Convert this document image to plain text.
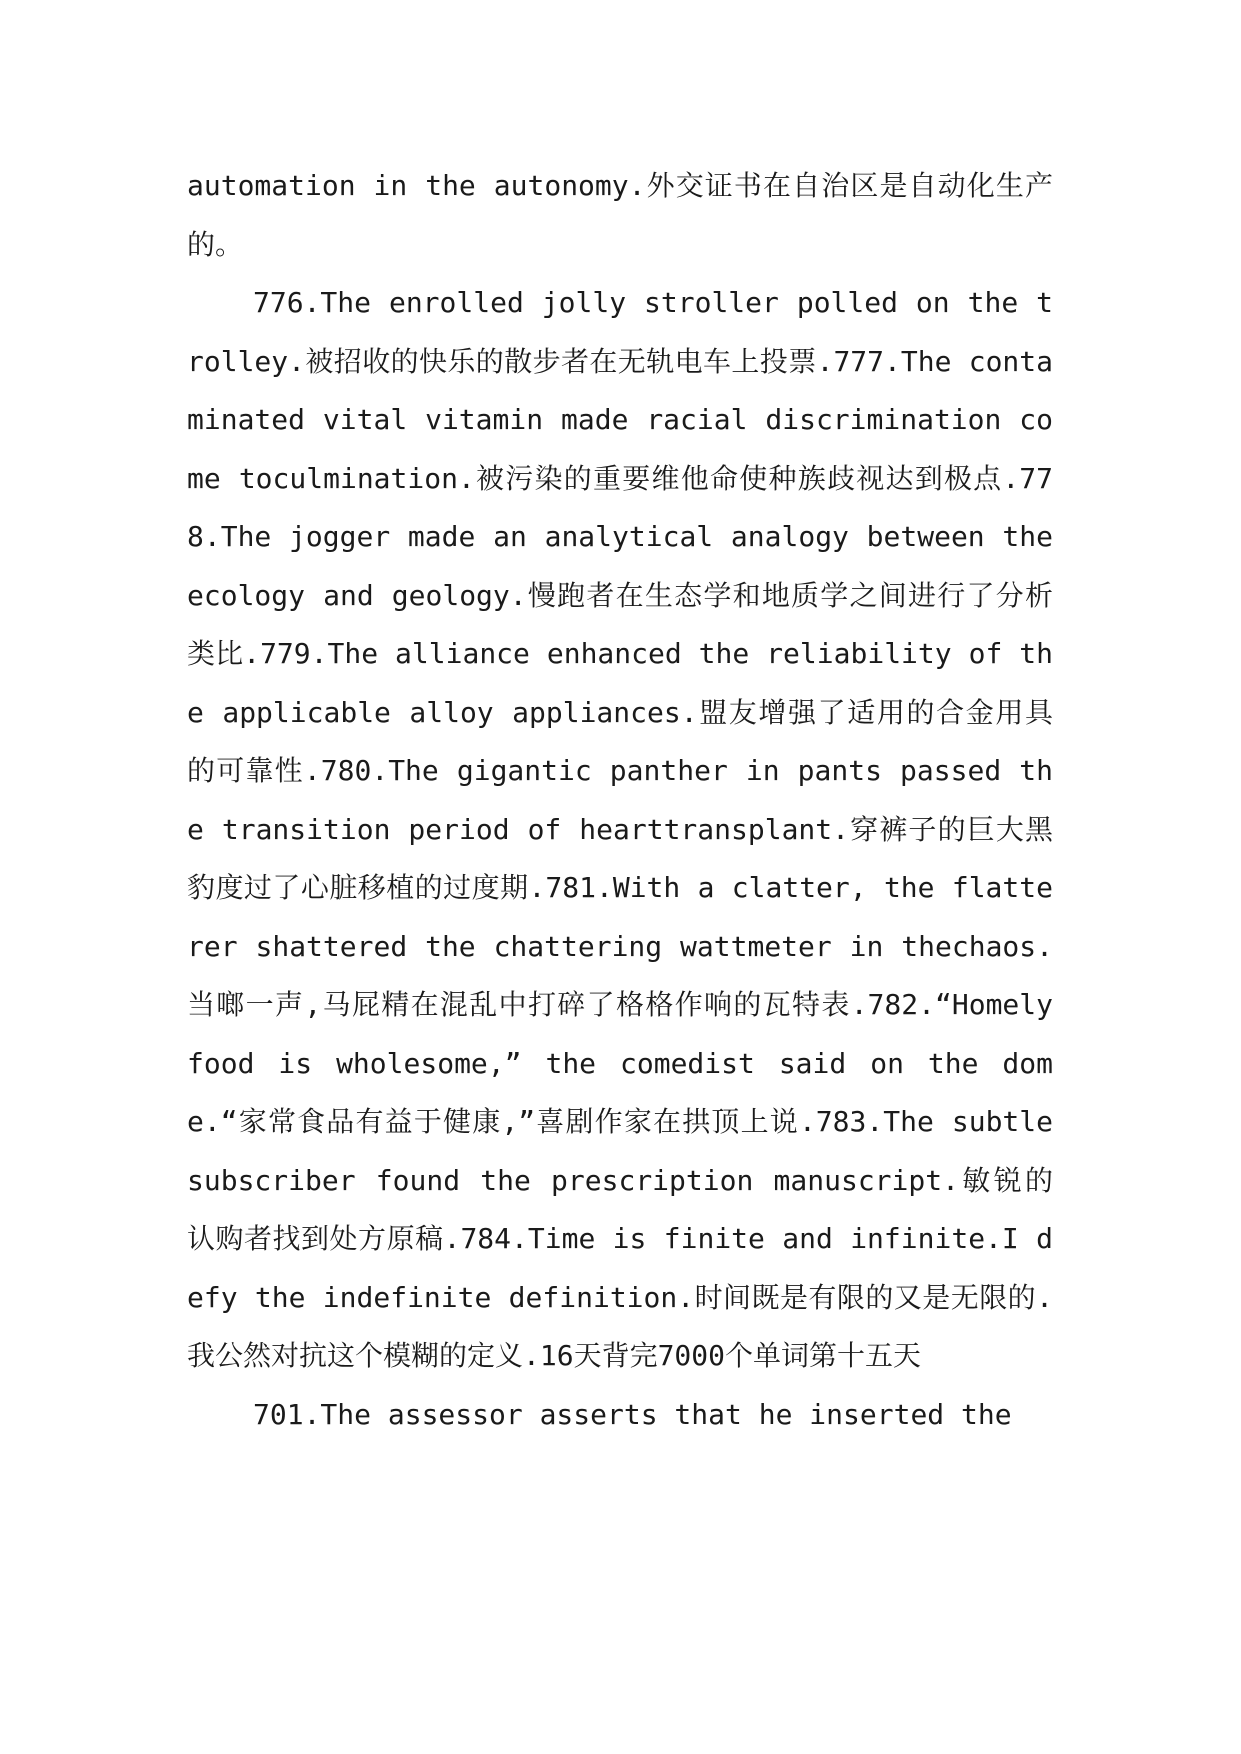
automation in the autonomy.外交证书在自治区是自动化生产的。

776.The enrolled jolly stroller polled on the trolley.被招收的快乐的散步者在无轨电车上投票.777.The contaminated vital vitamin made racial discrimination come toculmination.被污染的重要维他命使种族歧视达到极点.778.The jogger made an analytical analogy between the ecology and geology.慢跑者在生态学和地质学之间进行了分析类比.779.The alliance enhanced the reliability of the applicable alloy appliances.盟友增强了适用的合金用具的可靠性.780.The gigantic panther in pants passed the transition period of hearttransplant.穿裤子的巨大黑豹度过了心脏移植的过度期.781.With a clatter, the flatterer shattered the chattering wattmeter in thechaos.当啷一声,马屁精在混乱中打碎了格格作响的瓦特表.782.“Homely food is wholesome,” the comedist said on the dome.“家常食品有益于健康,”喜剧作家在拱顶上说.783.The subtle subscriber found the prescription manuscript.敏锐的认购者找到处方原稿.784.Time is finite and infinite.I defy the indefinite definition.时间既是有限的又是无限的.我公然对抗这个模糊的定义.16天背完7000个单词第十五天

701.The assessor asserts that he inserted the
